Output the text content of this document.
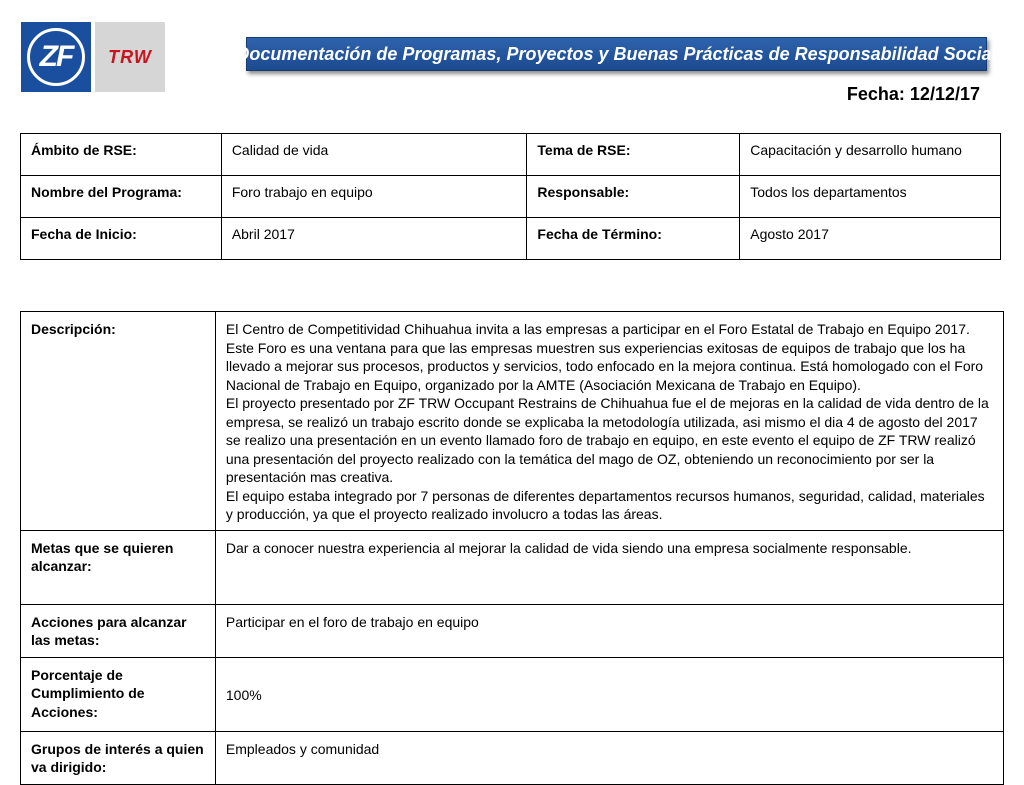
ZF TRW	Documentación de Programas, Proyectos y Buenas Prácticas de Responsabilidad Social
Fecha: 12/12/17
Ámbito de RSE:	Calidad de vida	Tema de RSE:	Capacitación y desarrollo humano
Nombre del Programa:	Foro trabajo en equipo	Responsable:	Todos los departamentos
Fecha de Inicio:	Abril 2017	Fecha de Término:	Agosto 2017
Descripción:	El Centro de Competitividad Chihuahua invita a las empresas a participar en el Foro Estatal de Trabajo en Equipo 2017. Este Foro es una ventana para que las empresas muestren sus experiencias exitosas de equipos de trabajo que los ha llevado a mejorar sus procesos, productos y servicios, todo enfocado en la mejora continua. Está homologado con el Foro Nacional de Trabajo en Equipo, organizado por la AMTE (Asociación Mexicana de Trabajo en Equipo).
El proyecto presentado por ZF TRW Occupant Restrains de Chihuahua fue el de mejoras en la calidad de vida dentro de la empresa, se realizó un trabajo escrito donde se explicaba la metodología utilizada, asi mismo el dia 4 de agosto del 2017 se realizo una presentación en un evento llamado foro de trabajo en equipo, en este evento el equipo de ZF TRW realizó una presentación del proyecto realizado con la temática del mago de OZ, obteniendo un reconocimiento por ser la presentación mas creativa.
El equipo estaba integrado por 7 personas de diferentes departamentos recursos humanos, seguridad, calidad, materiales y producción, ya que el proyecto realizado involucro a todas las áreas.

Metas que se quieren alcanzar:	Dar a conocer nuestra experiencia al mejorar la calidad de vida siendo una empresa socialmente responsable.
Acciones para alcanzar las metas:	Participar en el foro de trabajo en equipo
Porcentaje de Cumplimiento de Acciones:	100%
Grupos de interés a quien va dirigido:	Empleados y comunidad
